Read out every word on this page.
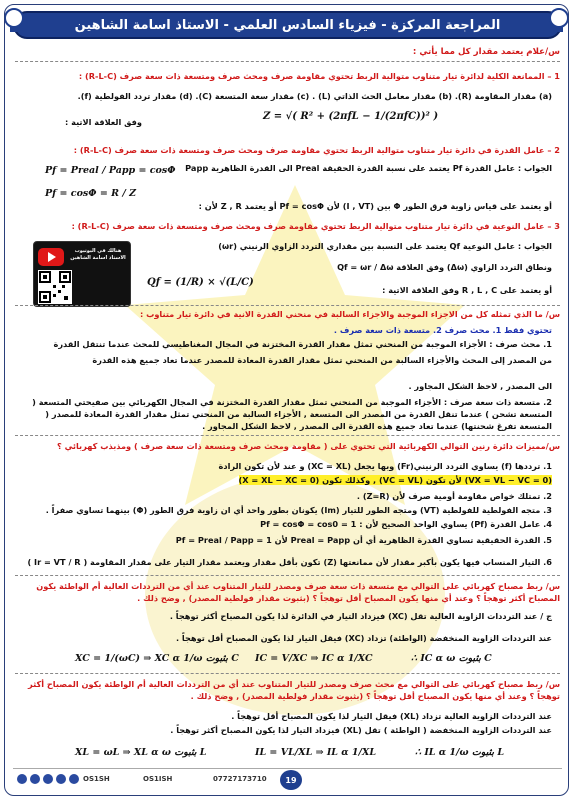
المراجعة المركزة - فيزياء السادس العلمي - الاستاذ اسامة الشاهين
س/علام يعتمد مقدار كل مما يأتي :
1 – الممانعة الكلية لدائرة تيار متناوب متوالية الربط تحتوي مقاومة صرف ومحث صرف ومتسعة ذات سعة صرف (R-L-C) :
(a) مقدار المقاومة (R). (b) مقدار معامل الحث الذاتي (L) . (c) مقدار سعة المتسعة (C). (d) مقدار تردد الفولطية (f).
وفق العلاقة الاتية :	Z = √( R² + (2πfL − 1/(2πfC))² )
2 – عامل القدرة في دائرة تيار متناوب متوالية الربط تحتوي مقاومة صرف ومحث صرف ومتسعة ذات سعة صرف (R-L-C) :
الجواب : عامل القدرة Pf يعتمد على نسبة القدرة الحقيقة Preal الى القدرة الظاهرية Papp
Pf = Preal / Papp = cosΦ
أو يعتمد على قياس زاوية فرق الطور Φ بين (I , VT) لأن Pf = cosΦ أو يعتمد Z , R لأن :
Pf = cosΦ = R / Z
3 – عامل النوعية في دائرة تيار متناوب متوالية الربط تحتوي مقاومة صرف ومحث صرف ومتسعة ذات سعة صرف (R-L-C) :
الجواب : عامل النوعية Qf يعتمد على النسبة بين مقداري التردد الزاوي الرنيني (ωr)
ونطاق التردد الزاوي (Δω) وفق العلاقة Qf = ωr / Δω
أو يعتمد على R , L , C وفق العلاقة الاتية :
Qf = (1/R) × √(L/C)
هنالك في اليوتيوب الاستاذ اسامة الشاهين
س/ ما الذي تمثله كل من الاجزاء الموجبة والاجزاء السالبة في منحني القدرة الانية في دائرة تيار متناوب :
تحتوي فقط 1. محث صرف 2. متسعة ذات سعة صرف .
1. محث صرف : الأجزاء الموجبة من المنحني تمثل مقدار القدرة المختزنة في المجال المغناطيسي للمحث عندما تنتقل القدرة
من المصدر إلى المحث والأجزاء السالبة من المنحني تمثل مقدار القدرة المعادة للمصدر عندما تعاد جميع هذه القدرة
الى المصدر , لاحظ الشكل المجاور .
2. متسعة ذات سعة صرف : الأجزاء الموجبة من المنحني تمثل مقدار القدرة المختزنة في المجال الكهربائي بين صفيحتي المتسعة (
المتسعة تشحن ) عندما تنقل القدرة من المصدر الى المتسعة , الأجزاء السالبة من المنحني تمثل مقدار القدرة المعادة للمصدر (
المتسعة تفرغ شحنتها) عندما تعاد جميع هذه القدرة الى المصدر , لاحظ الشكل المجاور .
س/مميزات دائرة رنين التوالي الكهربائية التي تحتوي على ( مقاومة ومحث صرف ومتسعة ذات سعة صرف ) ومذبذب كهربائي ؟
1. ترددها (f) يساوي التردد الرنيني(Fr) وبها يجعل (XC = XL) و عند لأن تكون الرادة
(VX = VL − VC = 0) لأن تكون (VC = VL) , وكذلك تكون (X = XL − XC = 0)
2. تمتلك خواص مقاومة أومية صرف لأن (Z=R) .
3. متجه الفولطية للفولطية (VT) ومتجه الطور للتيار (Im) يكونان بطور واحد أي ان زاوية فرق الطور (Φ) بينهما تساوي صفراً .
4. عامل القدرة (Pf) يساوي الواحد الصحيح لأن : Pf = cosΦ = cos0 = 1
5. القدرة الحقيقية تساوي القدرة الظاهرية أي أن Preal = Papp لأن Pf = Preal / Papp = 1
6. التيار المنساب فيها يكون بأكبر مقدار لأن ممانعتها (Z) تكون بأقل مقدار ويعتمد مقدار التيار على مقدار المقاومة ( Ir = VT / R )
س/ ربط مصباح كهربائي على التوالي مع متسعة ذات سعة صرف ومصدر للتيار المتناوب عند أي من الترددات العالية أم الواطئة يكون
المصباح أكثر توهجاً ؟ وعند أي منها يكون المصباح أقل توهجاً ؟ (بثبوت مقدار فولطية المصدر) , وضح ذلك .
ج / عند الترددات الزاوية العالية تقل (XC) فيزداد التيار في الدائرة لذا يكون المصباح أكثر توهجاً .
عند الترددات الزاوية المنخفضة (الواطئة) تزداد (XC) فيقل التيار لذا يكون المصباح أقل توهجاً .
XC = 1/(ωC) ⇒ XC α 1/ω بثبوت C IC = V/XC ⇒ IC α 1/XC	∴ IC α ω بثبوت C
س/ ربط مصباح كهربائي على التوالي مع محث صرف ومصدر للتيار المتناوب عند أي من الترددات العالية أم الواطئة يكون المصباح أكثر
توهجاً ؟ وعند أي منها يكون المصباح أقل توهجاً ؟ (بثبوت مقدار فولطية المصدر) , وضح ذلك .
عند الترددات الزاوية العالية تزداد (XL) فيقل التيار لذا يكون المصباح أقل توهجاً .
عند الترددات الزاوية المنخفضة ( الواطئة ) تقل (XL) فيزداد التيار لذا يكون المصباح أكثر توهجاً .
XL = ωL ⇒ XL α ω بثبوت L	IL = VL/XL ⇒ IL α 1/XL	∴ IL α 1/ω بثبوت L
OS1SH	OS1ISH	07727173710	19
